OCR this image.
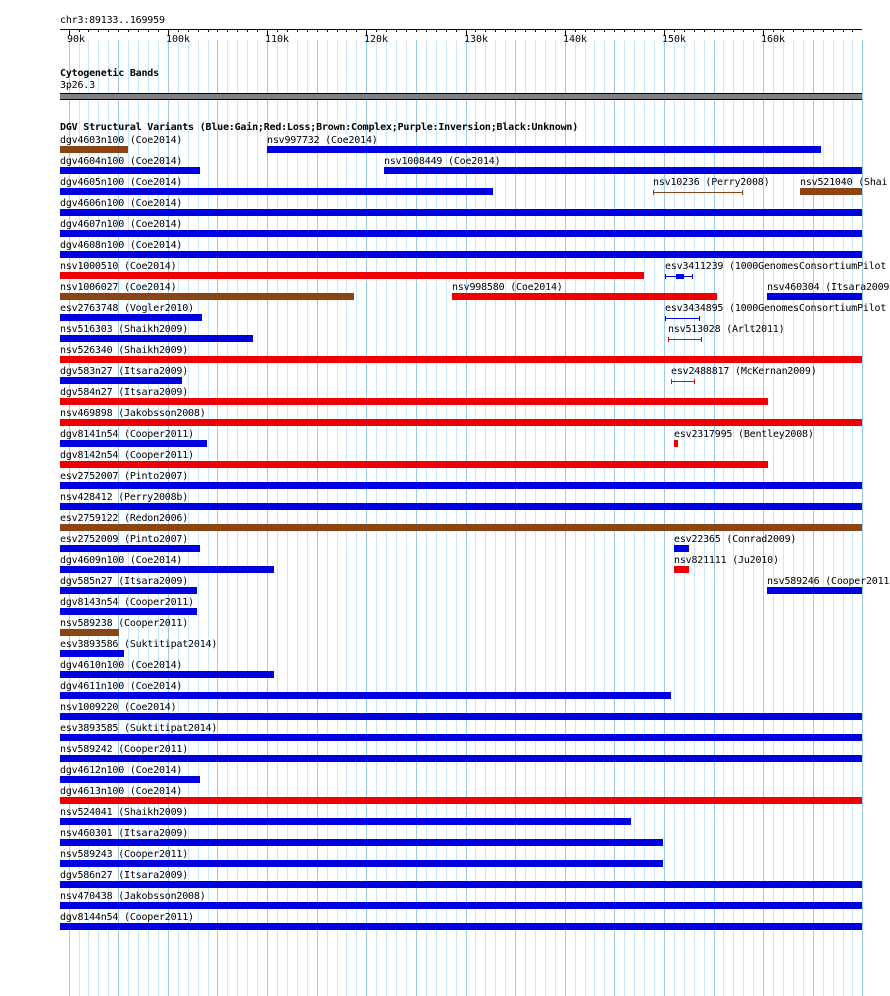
chr3:89133..169959
90k	100k	110k	120k	130k	140k	150k	160k
Cytogenetic Bands
3p26.3
DGV Structural Variants (Blue:Gain;Red:Loss;Brown:Complex;Purple:Inversion;Black:Unknown)
dgv4603n100 (Coe2014)	nsv997732 (Coe2014)
dgv4604n100 (Coe2014)	nsv1008449 (Coe2014)
dgv4605n100 (Coe2014)	nsv10236 (Perry2008)	nsv521040 (Shai
dgv4606n100 (Coe2014)
dgv4607n100 (Coe2014)
dgv4608n100 (Coe2014)
nsv1000510 (Coe2014)	esv3411239 (1000GenomesConsortiumPilot
nsv1006027 (Coe2014)	nsv998580 (Coe2014)	nsv460304 (Itsara2009
esv2763748 (Vogler2010)	esv3434895 (1000GenomesConsortiumPilot
nsv516303 (Shaikh2009)	nsv513028 (Arlt2011)
nsv526340 (Shaikh2009)
dgv583n27 (Itsara2009)	esv2488817 (McKernan2009)
dgv584n27 (Itsara2009)
nsv469898 (Jakobsson2008)
dgv8141n54 (Cooper2011)	esv2317995 (Bentley2008)
dgv8142n54 (Cooper2011)
esv2752007 (Pinto2007)
nsv428412 (Perry2008b)
esv2759122 (Redon2006)
esv2752009 (Pinto2007)	esv22365 (Conrad2009)
dgv4609n100 (Coe2014)	nsv821111 (Ju2010)
dgv585n27 (Itsara2009)	nsv589246 (Cooper2011
dgv8143n54 (Cooper2011)
nsv589238 (Cooper2011)
esv3893586 (Suktitipat2014)
dgv4610n100 (Coe2014)
dgv4611n100 (Coe2014)
nsv1009220 (Coe2014)
esv3893585 (Suktitipat2014)
nsv589242 (Cooper2011)
dgv4612n100 (Coe2014)
dgv4613n100 (Coe2014)
nsv524041 (Shaikh2009)
nsv460301 (Itsara2009)
nsv589243 (Cooper2011)
dgv586n27 (Itsara2009)
nsv470438 (Jakobsson2008)
dgv8144n54 (Cooper2011)
